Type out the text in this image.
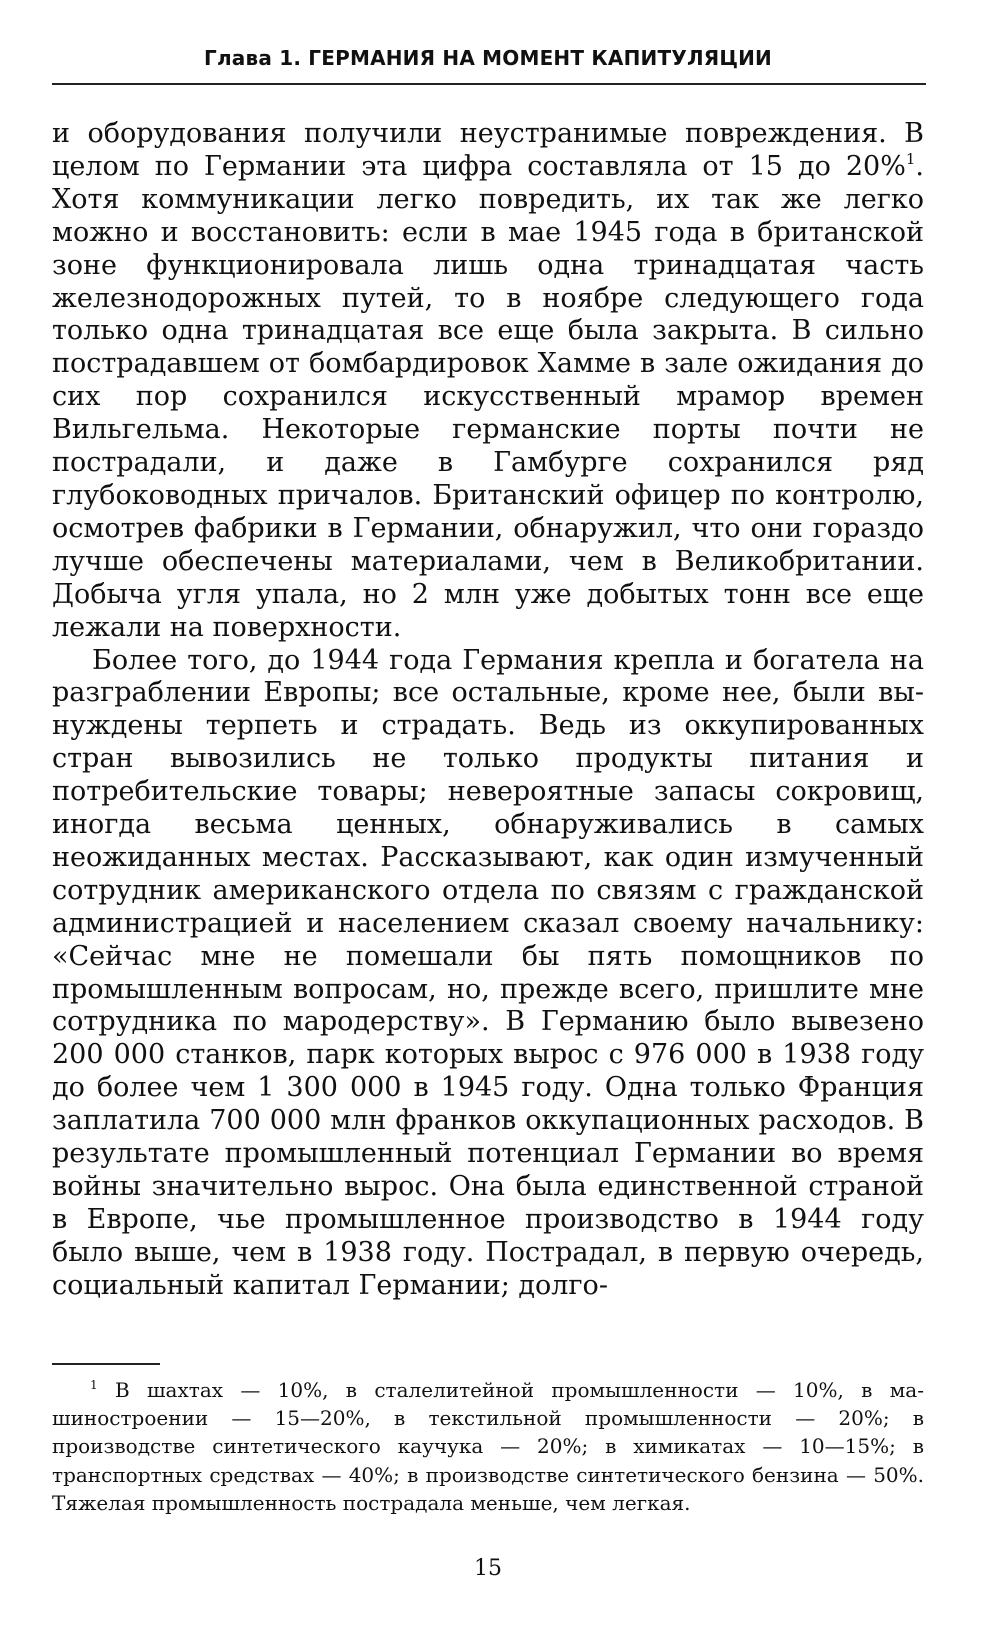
Глава 1. ГЕРМАНИЯ НА МОМЕНТ КАПИТУЛЯЦИИ

и оборудования получили неустранимые повреждения. В целом по Германии эта цифра составляла от 15 до 20%$^1$. Хотя коммуникации легко повредить, их так же легко можно и восстановить: если в мае 1945 года в британской зоне функционировала лишь одна тринадцатая часть железнодорожных путей, то в ноябре следующего года только одна тринадцатая все еще была закрыта. В сильно пострадавшем от бомбардировок Хамме в зале ожидания до сих пор сохранился искусственный мрамор времен Вильгельма. Некоторые германские порты почти не пострадали, и даже в Гамбурге сохранился ряд глубоководных причалов. Британский офицер по контролю, осмотрев фабрики в Германии, обнаружил, что они гораздо лучше обеспечены материалами, чем в Великобритании. Добыча угля упала, но 2 млн уже добытых тонн все еще лежали на поверхности.

Более того, до 1944 года Германия крепла и богатела на разграблении Европы; все остальные, кроме нее, были вынуждены терпеть и страдать. Ведь из оккупированных стран вывозились не только продукты питания и потребительские товары; невероятные запасы сокровищ, иногда весьма ценных, обнаруживались в самых неожиданных местах. Рассказывают, как один измученный сотрудник американского отдела по связям с гражданской администрацией и населением сказал своему начальнику: «Сейчас мне не помешали бы пять помощников по промышленным вопросам, но, прежде всего, пришлите мне сотрудника по мародерству». В Германию было вывезено 200 000 станков, парк которых вырос с 976 000 в 1938 году до более чем 1 300 000 в 1945 году. Одна только Франция заплатила 700 000 млн франков оккупационных расходов. В результате промышленный потенциал Германии во время войны значительно вырос. Она была единственной страной в Европе, чье промышленное производство в 1944 году было выше, чем в 1938 году. Пострадал, в первую очередь, социальный капитал Германии; долго-

$^1$ В шахтах — 10%, в сталелитейной промышленности — 10%, в машиностроении — 15—20%, в текстильной промышленности — 20%; в производстве синтетического каучука — 20%; в химикатах — 10—15%; в транспортных средствах — 40%; в производстве синтетического бензина — 50%. Тяжелая промышленность пострадала меньше, чем легкая.
15
